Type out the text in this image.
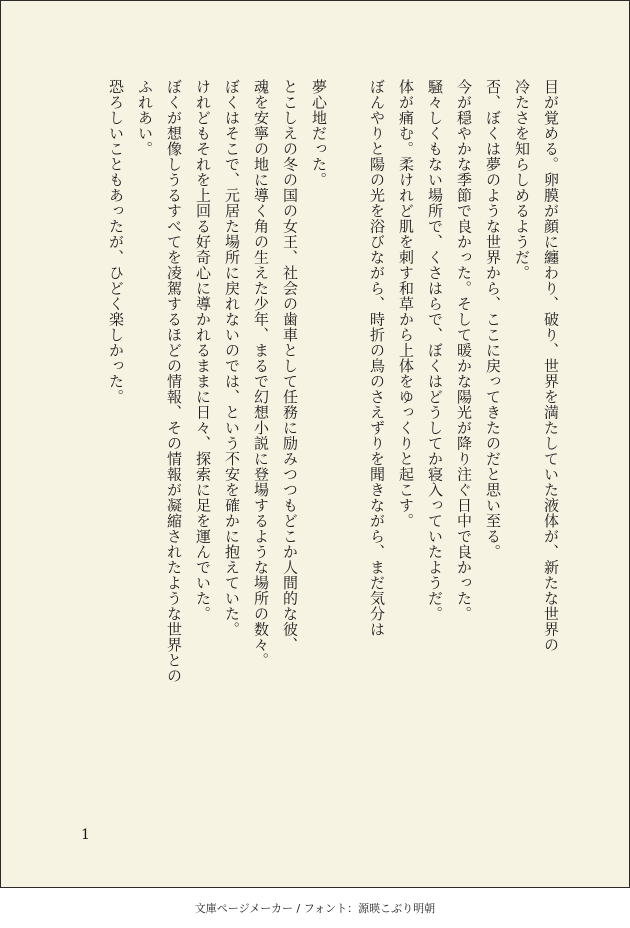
目が覚める。卵膜が顔に纏わり、破り、世界を満たしていた液体が、新たな世界の

冷たさを知らしめるようだ。

否、ぼくは夢のような世界から、ここに戻ってきたのだと思い至る。

今が穏やかな季節で良かった。そして暖かな陽光が降り注ぐ日中で良かった。

騒々しくもない場所で、くさはらで、ぼくはどうしてか寝入っていたようだ。

体が痛む。柔けれど肌を刺す和草から上体をゆっくりと起こす。

ぼんやりと陽の光を浴びながら、時折の鳥のさえずりを聞きながら、まだ気分は

夢心地だった。

とこしえの冬の国の女王、社会の歯車として任務に励みつつもどこか人間的な彼、

魂を安寧の地に導く角の生えた少年、まるで幻想小説に登場するような場所の数々。

ぼくはそこで、元居た場所に戻れないのでは、という不安を確かに抱えていた。

けれどもそれを上回る好奇心に導かれるままに日々、探索に足を運んでいた。

ぼくが想像しうるすべてを凌駕するほどの情報、その情報が凝縮されたような世界との

ふれあい。

恐ろしいこともあったが、ひどく楽しかった。

1
文庫ページメーカー / フォント：源暎こぶり明朝
